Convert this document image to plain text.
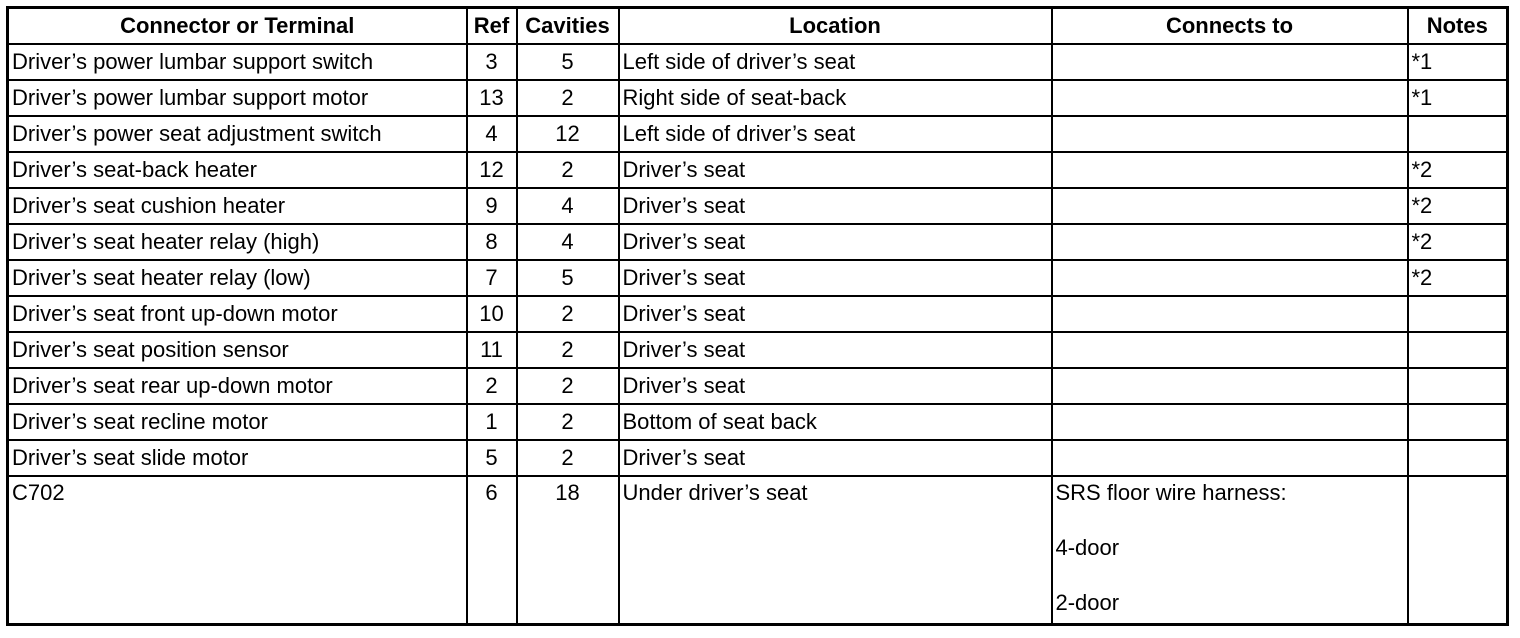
Connector or Terminal	Ref	Cavities	Location	Connects to	Notes
Driver’s power lumbar support switch	3	5	Left side of driver’s seat		*1
Driver’s power lumbar support motor	13	2	Right side of seat-back		*1
Driver’s power seat adjustment switch	4	12	Left side of driver’s seat		
Driver’s seat-back heater	12	2	Driver’s seat		*2
Driver’s seat cushion heater	9	4	Driver’s seat		*2
Driver’s seat heater relay (high)	8	4	Driver’s seat		*2
Driver’s seat heater relay (low)	7	5	Driver’s seat		*2
Driver’s seat front up-down motor	10	2	Driver’s seat		
Driver’s seat position sensor	11	2	Driver’s seat		
Driver’s seat rear up-down motor	2	2	Driver’s seat		
Driver’s seat recline motor	1	2	Bottom of seat back		
Driver’s seat slide motor	5	2	Driver’s seat		
C702	6	18	Under driver’s seat	SRS floor wire harness:
4-door
2-door	
